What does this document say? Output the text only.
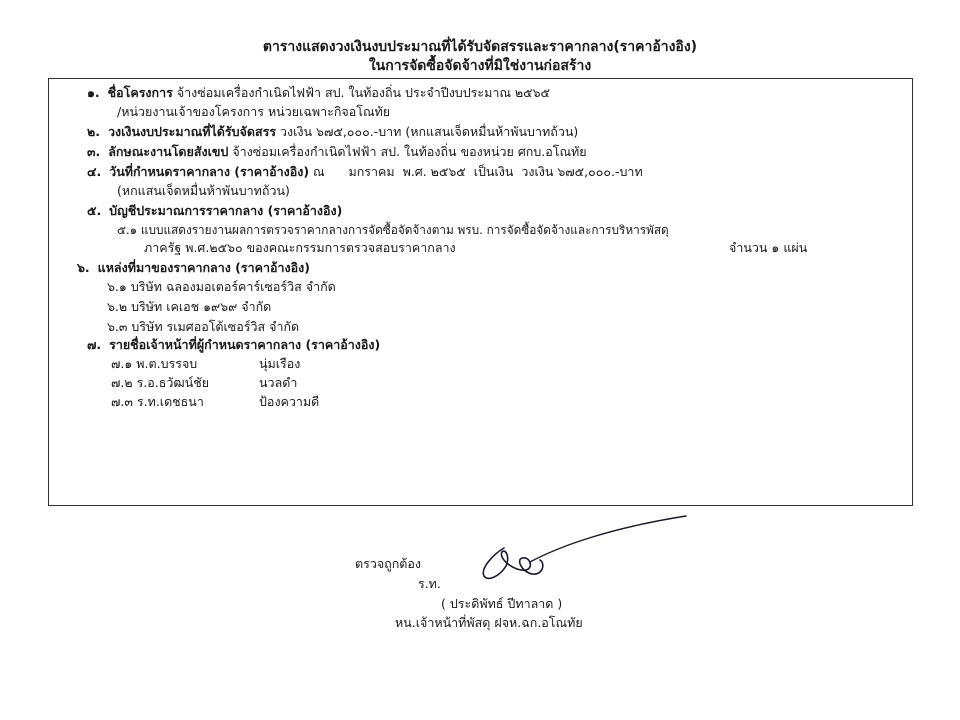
ตารางแสดงวงเงินงบประมาณที่ได้รับจัดสรรและราคากลาง(ราคาอ้างอิง)
ในการจัดซื้อจัดจ้างที่มิใช่งานก่อสร้าง
๑. ชื่อโครงการ จ้างซ่อมเครื่องกำเนิดไฟฟ้า สป. ในท้องถิ่น ประจำปีงบประมาณ ๒๕๖๕
/หน่วยงานเจ้าของโครงการ หน่วยเฉพาะกิจอโณทัย
๒. วงเงินงบประมาณที่ได้รับจัดสรร วงเงิน ๖๗๕,๐๐๐.-บาท (หกแสนเจ็ดหมื่นห้าพันบาทถ้วน)
๓. ลักษณะงานโดยสังเขป จ้างซ่อมเครื่องกำเนิดไฟฟ้า สป. ในท้องถิ่น ของหน่วย ศกบ.อโณทัย
๔. วันที่กำหนดราคากลาง (ราคาอ้างอิง) ณ      มกราคม  พ.ศ. ๒๕๖๕  เป็นเงิน  วงเงิน ๖๗๕,๐๐๐.-บาท
(หกแสนเจ็ดหมื่นห้าพันบาทถ้วน)
๕. บัญชีประมาณการราคากลาง (ราคาอ้างอิง)
๕.๑ แบบแสดงรายงานผลการตรวจราคากลางการจัดซื้อจัดจ้างตาม พรบ. การจัดซื้อจัดจ้างและการบริหารพัสดุ
ภาครัฐ พ.ศ.๒๕๖๐ ของคณะกรรมการตรวจสอบราคากลาง	จำนวน ๑ แผ่น
๖. แหล่งที่มาของราคากลาง (ราคาอ้างอิง)
๖.๑ บริษัท ฉลองมอเตอร์คาร์เซอร์วิส จำกัด
๖.๒ บริษัท เคเอช ๑๙๖๙ จำกัด
๖.๓ บริษัท รเมศออโต้เซอร์วิส จำกัด
๗. รายชื่อเจ้าหน้าที่ผู้กำหนดราคากลาง (ราคาอ้างอิง)
๗.๑ พ.ต.บรรจบ	นุ่มเรือง
๗.๒ ร.อ.ธวัฒน์ชัย	นวลดำ
๗.๓ ร.ท.เดชธนา	ป้องความดี
ตรวจถูกต้อง
ร.ท.
( ประดิพัทธ์ ปีทาลาด )
หน.เจ้าหน้าที่พัสดุ ฝจห.ฉก.อโณทัย
